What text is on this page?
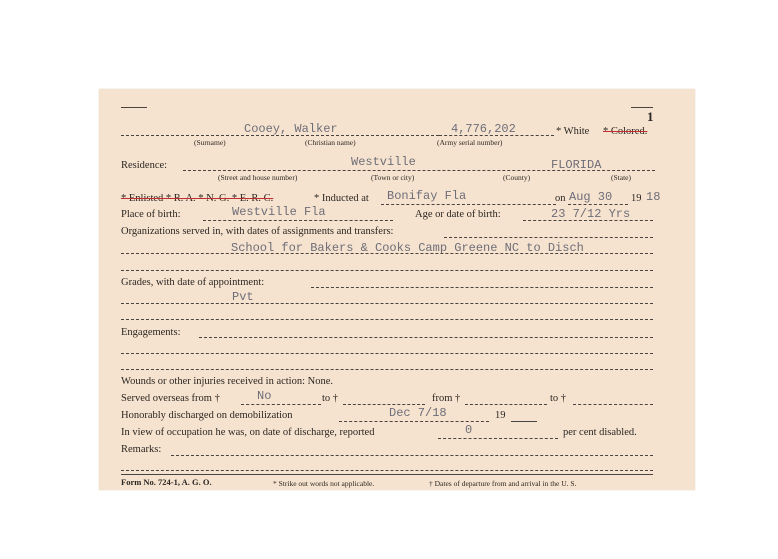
1
Cooey, Walker	4,776,202	* White * Colored.
(Surname)	(Christian name)	(Army serial number)
Residence:	Westville	FLORIDA
(Street and house number)	(Town or city)	(County)	(State)
* Enlisted * R. A. * N. G. * E. R. C.	* Inducted at Bonifay Fla	on Aug 30 19 18
Place of birth:	Westville Fla	Age or date of birth:	23 7/12 Yrs
Organizations served in, with dates of assignments and transfers:
School for Bakers & Cooks Camp Greene NC to Disch
Grades, with date of appointment:
Pvt
Engagements:
Wounds or other injuries received in action: None.
Served overseas from †	No	to †	from †	to †
Honorably discharged on demobilization	Dec 7/18	19
In view of occupation he was, on date of discharge, reported	0	per cent disabled.
Remarks:
Form No. 724-1, A. G. O.	* Strike out words not applicable.	† Dates of departure from and arrival in the U. S.
